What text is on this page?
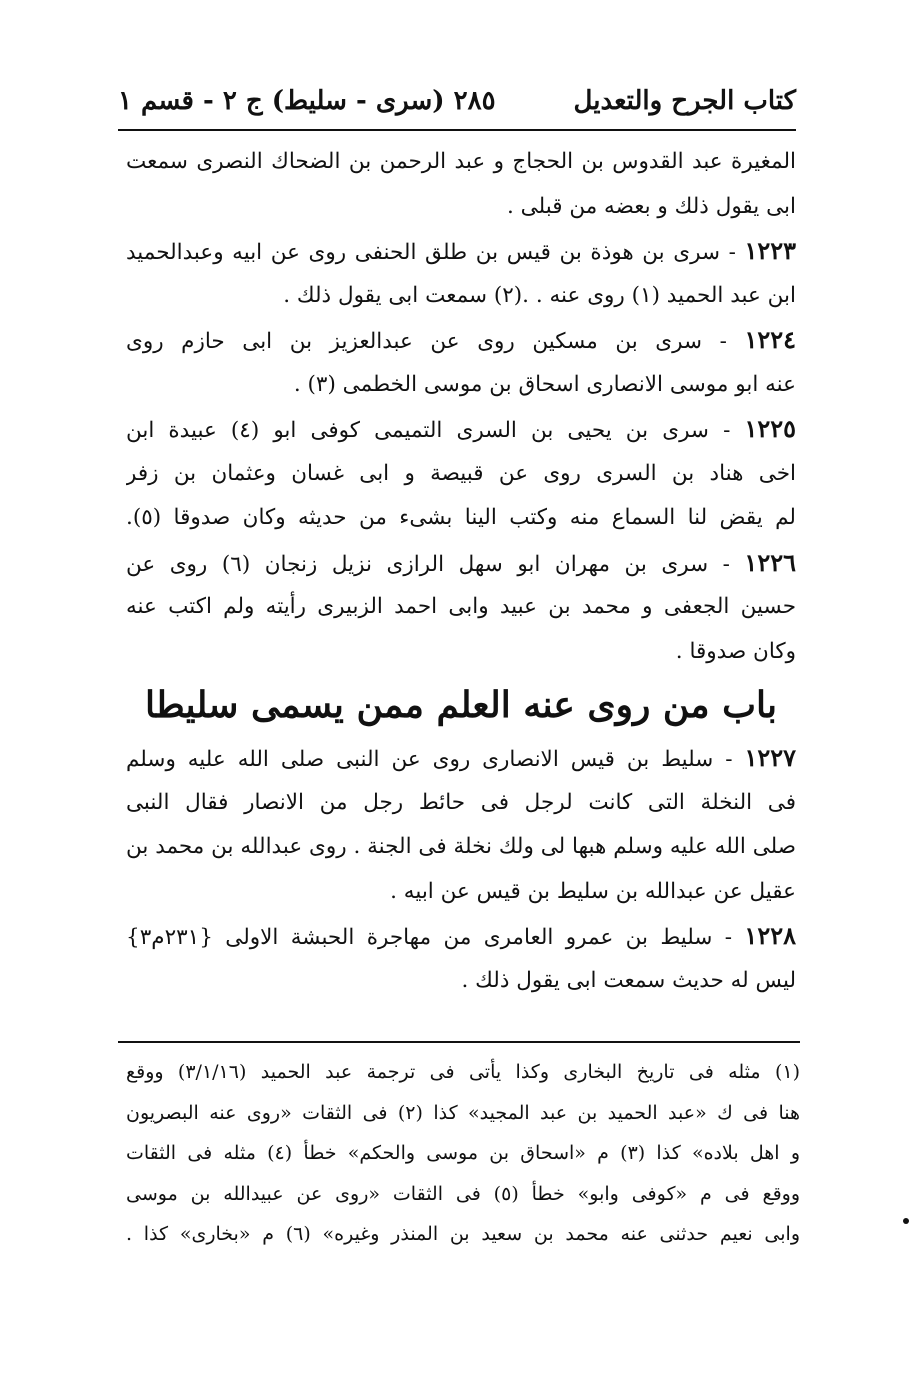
كتاب الجرح والتعديل
٢٨٥ (سرى - سليط) ج ٢ - قسم ١
المغيرة عبد القدوس بن الحجاج و عبد الرحمن بن الضحاك النصرى سمعت
ابى يقول ذلك و بعضه من قبلى .
١٢٢٣ - سرى بن هوذة بن قيس بن طلق الحنفى روى عن ابيه وعبدالحميد
ابن عبد الحميد (١) روى عنه . .(٢) سمعت ابى يقول ذلك .
١٢٢٤ - سرى بن مسكين روى عن عبدالعزيز بن ابى حازم روى
عنه ابو موسى الانصارى اسحاق بن موسى الخطمى (٣) .
١٢٢٥ - سرى بن يحيى بن السرى التميمى كوفى ابو (٤) عبيدة ابن
اخى هناد بن السرى روى عن قبيصة و ابى غسان وعثمان بن زفر
لم يقض لنا السماع منه وكتب الينا بشىء من حديثه وكان صدوقا (٥).
١٢٢٦ - سرى بن مهران ابو سهل الرازى نزيل زنجان (٦) روى عن
حسين الجعفى و محمد بن عبيد وابى احمد الزبيرى رأيته ولم اكتب عنه
وكان صدوقا .
باب من روى عنه العلم ممن يسمى سليطا
١٢٢٧ - سليط بن قيس الانصارى روى عن النبى صلى الله عليه وسلم
فى النخلة التى كانت لرجل فى حائط رجل من الانصار فقال النبى
صلى الله عليه وسلم هبها لى ولك نخلة فى الجنة . روى عبدالله بن محمد بن
عقيل عن عبدالله بن سليط بن قيس عن ابيه .
١٢٢٨ - سليط بن عمرو العامرى من مهاجرة الحبشة الاولى {٢٣١م٣}
ليس له حديث سمعت ابى يقول ذلك .
(١) مثله فى تاريخ البخارى وكذا يأتى فى ترجمة عبد الحميد (٣/١/١٦) ووقع
هنا فى ك «عبد الحميد بن عبد المجيد» كذا (٢) فى الثقات «روى عنه البصريون
و اهل بلاده» كذا (٣) م «اسحاق بن موسى والحكم» خطأ (٤) مثله فى الثقات
ووقع فى م «كوفى وابو» خطأ (٥) فى الثقات «روى عن عبيدالله بن موسى
وابى نعيم حدثنى عنه محمد بن سعيد بن المنذر وغيره» (٦) م «بخارى» كذا .
